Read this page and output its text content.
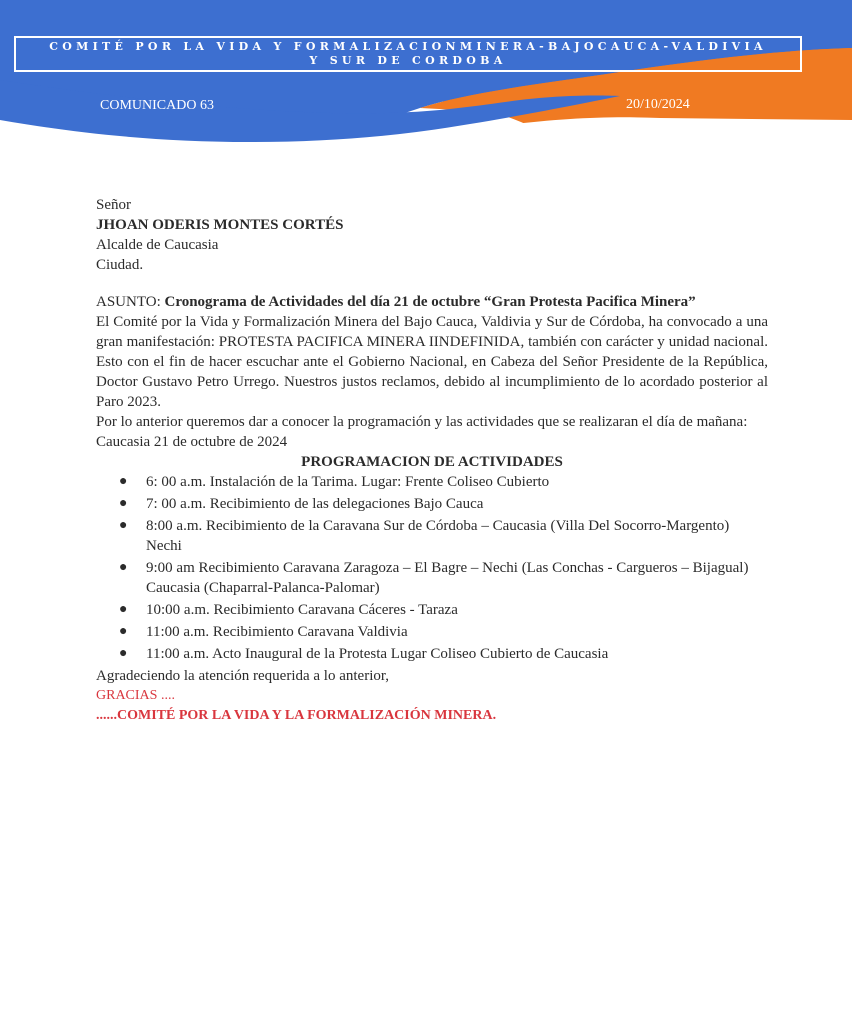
COMITÉ POR LA VIDA Y FORMALIZACIONMINERA-BAJOCAUCA-VALDIVIA
Y SUR DE CORDOBA
COMUNICADO 63	20/10/2024

Señor

JHOAN ODERIS MONTES CORTÉS

Alcalde de Caucasia

Ciudad.

ASUNTO: Cronograma de Actividades del día 21 de octubre “Gran Protesta Pacifica Minera”

El Comité por la Vida y Formalización Minera del Bajo Cauca, Valdivia y Sur de Córdoba, ha convocado a una gran manifestación: PROTESTA PACIFICA MINERA IINDEFINIDA, también con carácter y unidad nacional. Esto con el fin de hacer escuchar ante el Gobierno Nacional, en Cabeza del Señor Presidente de la República, Doctor Gustavo Petro Urrego. Nuestros justos reclamos, debido al incumplimiento de lo acordado posterior al Paro 2023.

Por lo anterior queremos dar a conocer la programación y las actividades que se realizaran el día de mañana:

Caucasia 21 de octubre de 2024

PROGRAMACION DE ACTIVIDADES

● 6: 00 a.m. Instalación de la Tarima. Lugar: Frente Coliseo Cubierto
● 7: 00 a.m. Recibimiento de las delegaciones Bajo Cauca
● 8:00 a.m. Recibimiento de la Caravana Sur de Córdoba – Caucasia (Villa Del Socorro-Margento) Nechi
● 9:00 am Recibimiento Caravana Zaragoza – El Bagre – Nechi (Las Conchas - Cargueros – Bijagual) Caucasia (Chaparral-Palanca-Palomar)
● 10:00 a.m. Recibimiento Caravana Cáceres - Taraza
● 11:00 a.m. Recibimiento Caravana Valdivia
● 11:00 a.m. Acto Inaugural de la Protesta Lugar Coliseo Cubierto de Caucasia

Agradeciendo la atención requerida a lo anterior,

GRACIAS ....

......COMITÉ POR LA VIDA Y LA FORMALIZACIÓN MINERA.
